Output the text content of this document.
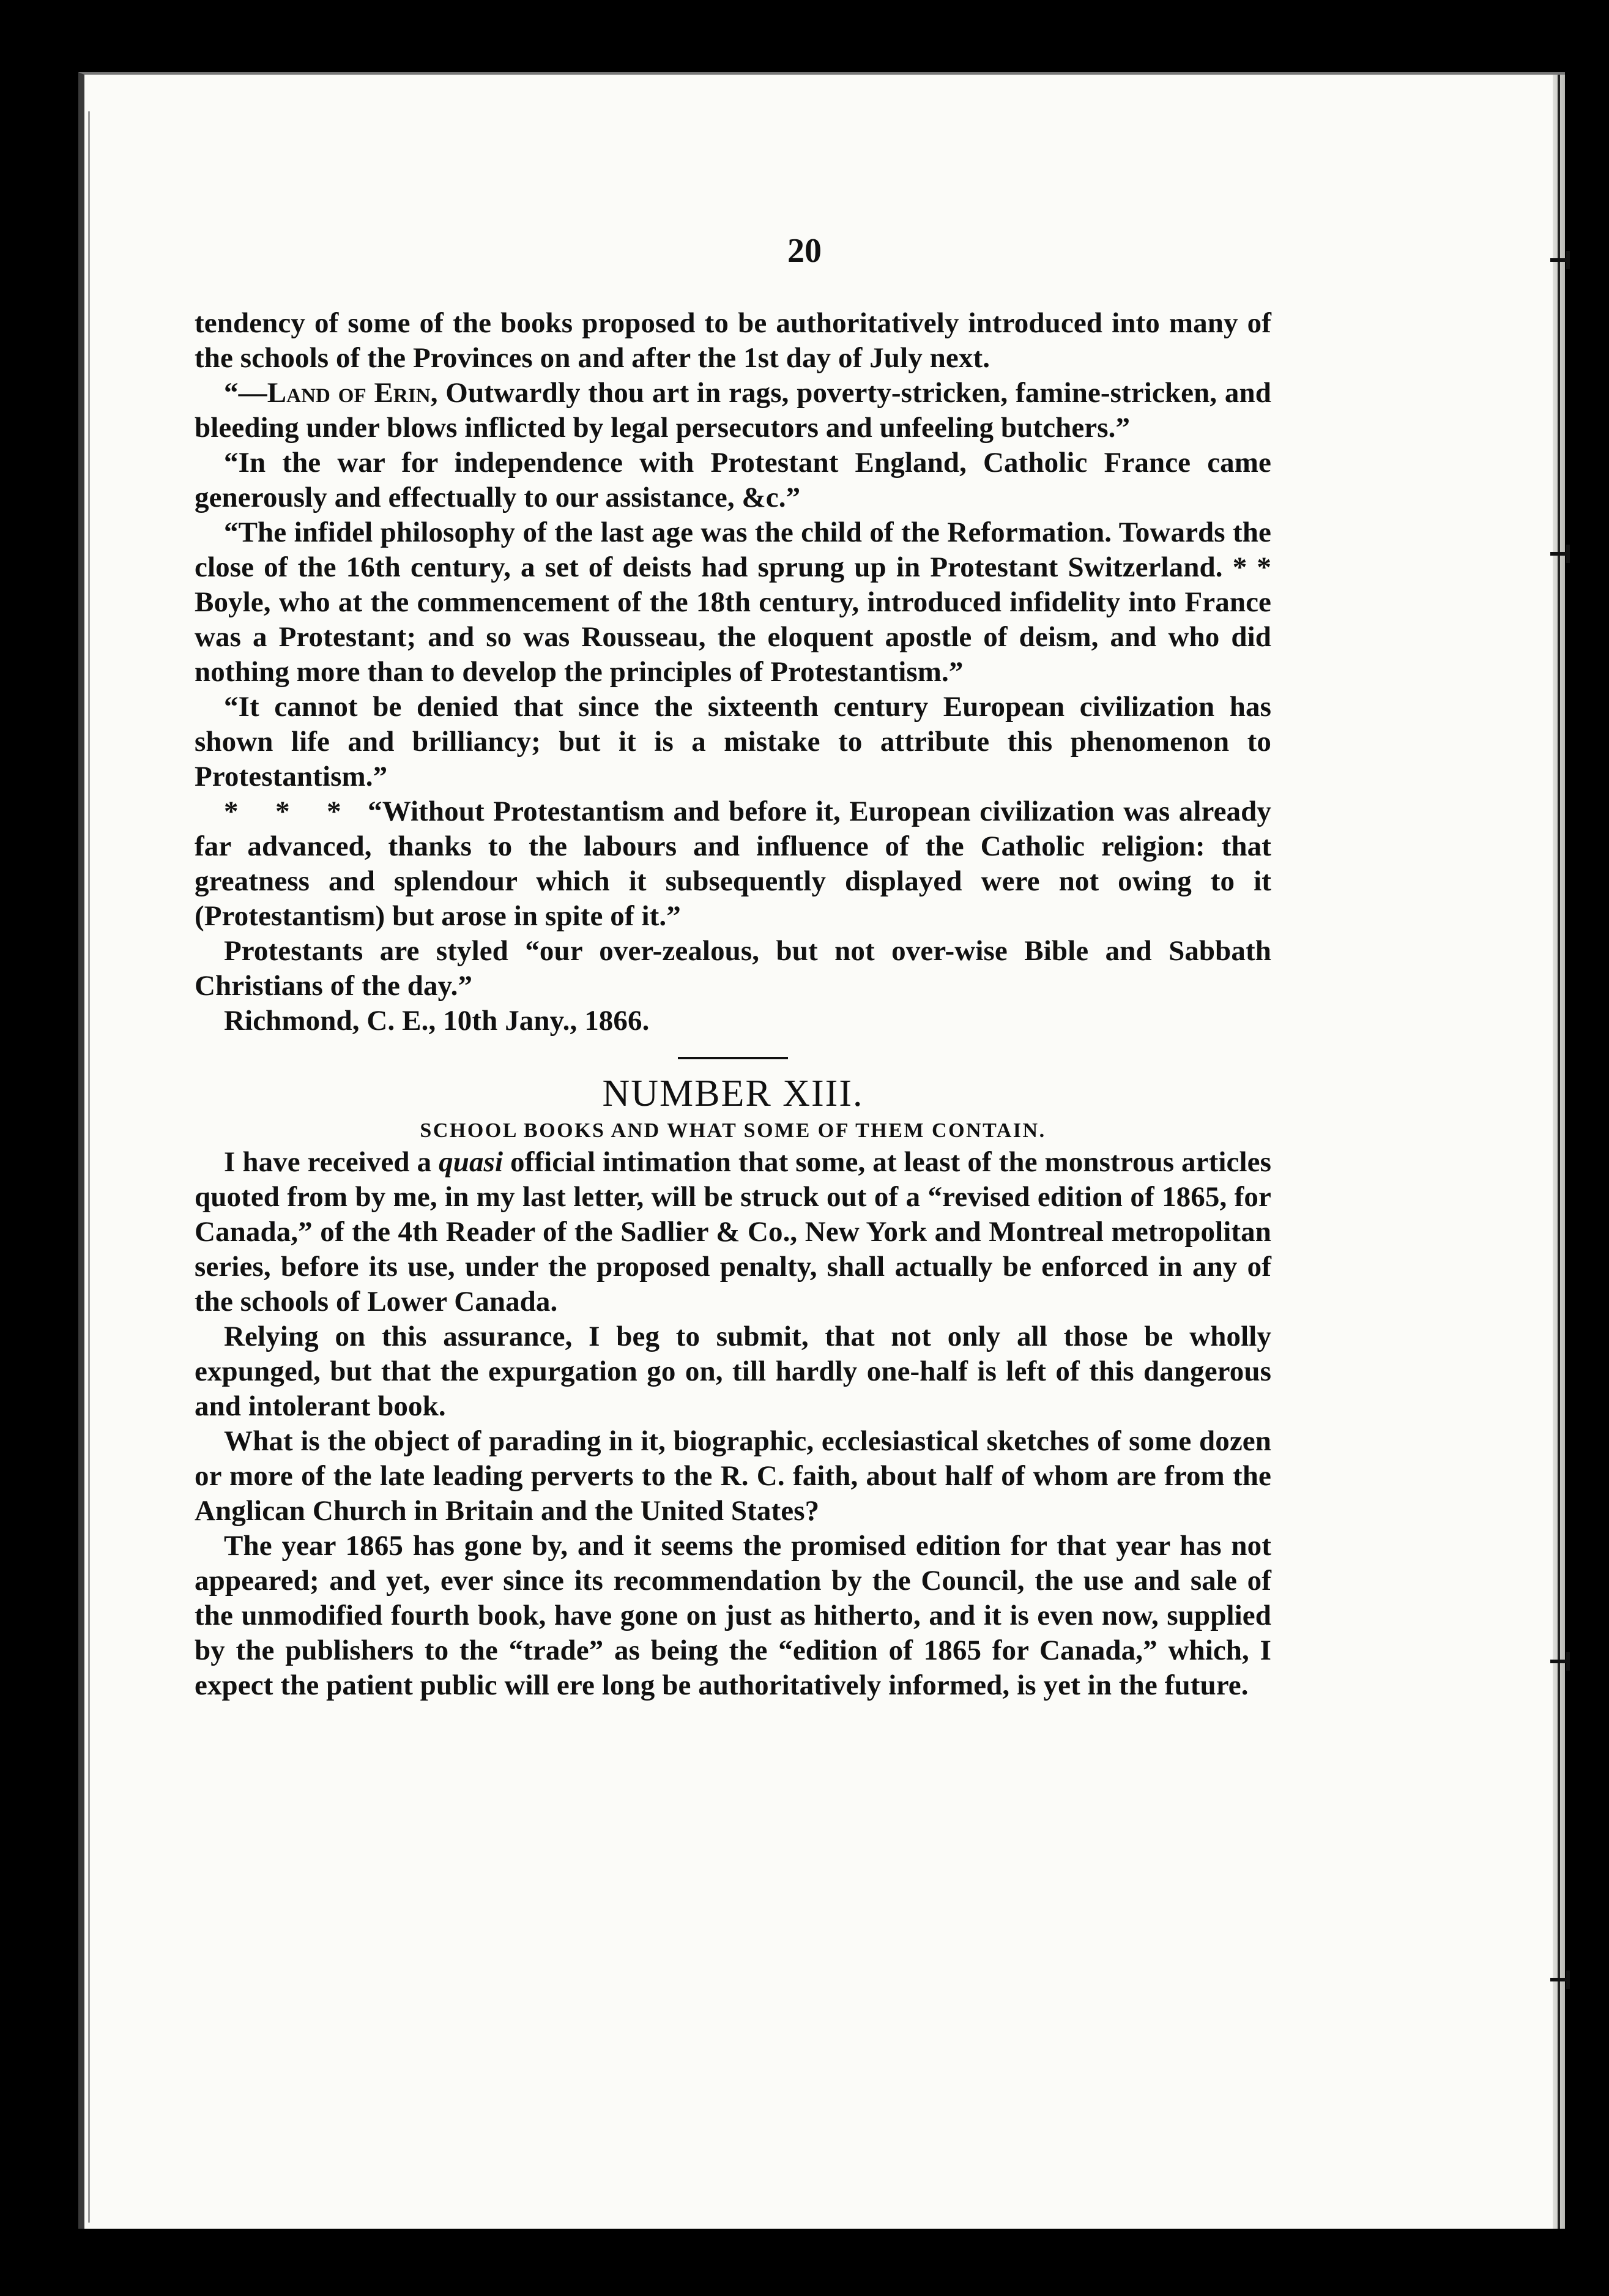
20

tendency of some of the books proposed to be authoritatively introduced into many of the schools of the Provinces on and after the 1st day of July next.

“—Land of Erin, Outwardly thou art in rags, poverty-stricken, famine-stricken, and bleeding under blows inflicted by legal persecutors and unfeeling butchers.”

“In the war for independence with Protestant England, Catholic France came generously and effectually to our assistance, &c.”

“The infidel philosophy of the last age was the child of the Reformation. Towards the close of the 16th century, a set of deists had sprung up in Protestant Switzerland. * * Boyle, who at the commencement of the 18th century, introduced infidelity into France was a Protestant; and so was Rousseau, the eloquent apostle of deism, and who did nothing more than to develop the principles of Protestantism.”

“It cannot be denied that since the sixteenth century European civilization has shown life and brilliancy; but it is a mistake to attribute this phenomenon to Protestantism.”

* * * “Without Protestantism and before it, European civilization was already far advanced, thanks to the labours and influence of the Catholic religion: that greatness and splendour which it subsequently displayed were not owing to it (Protestantism) but arose in spite of it.”

Protestants are styled “our over-zealous, but not over-wise Bible and Sabbath Christians of the day.”

Richmond, C. E., 10th Jany., 1866.

NUMBER XIII.

SCHOOL BOOKS AND WHAT SOME OF THEM CONTAIN.

I have received a quasi official intimation that some, at least of the monstrous articles quoted from by me, in my last letter, will be struck out of a “revised edition of 1865, for Canada,” of the 4th Reader of the Sadlier & Co., New York and Montreal metropolitan series, before its use, under the proposed penalty, shall actually be enforced in any of the schools of Lower Canada.

Relying on this assurance, I beg to submit, that not only all those be wholly expunged, but that the expurgation go on, till hardly one-half is left of this dangerous and intolerant book.

What is the object of parading in it, biographic, ecclesiastical sketches of some dozen or more of the late leading perverts to the R. C. faith, about half of whom are from the Anglican Church in Britain and the United States?

The year 1865 has gone by, and it seems the promised edition for that year has not appeared; and yet, ever since its recommendation by the Council, the use and sale of the unmodified fourth book, have gone on just as hitherto, and it is even now, supplied by the publishers to the “trade” as being the “edition of 1865 for Canada,” which, I expect the patient public will ere long be authoritatively informed, is yet in the future.
